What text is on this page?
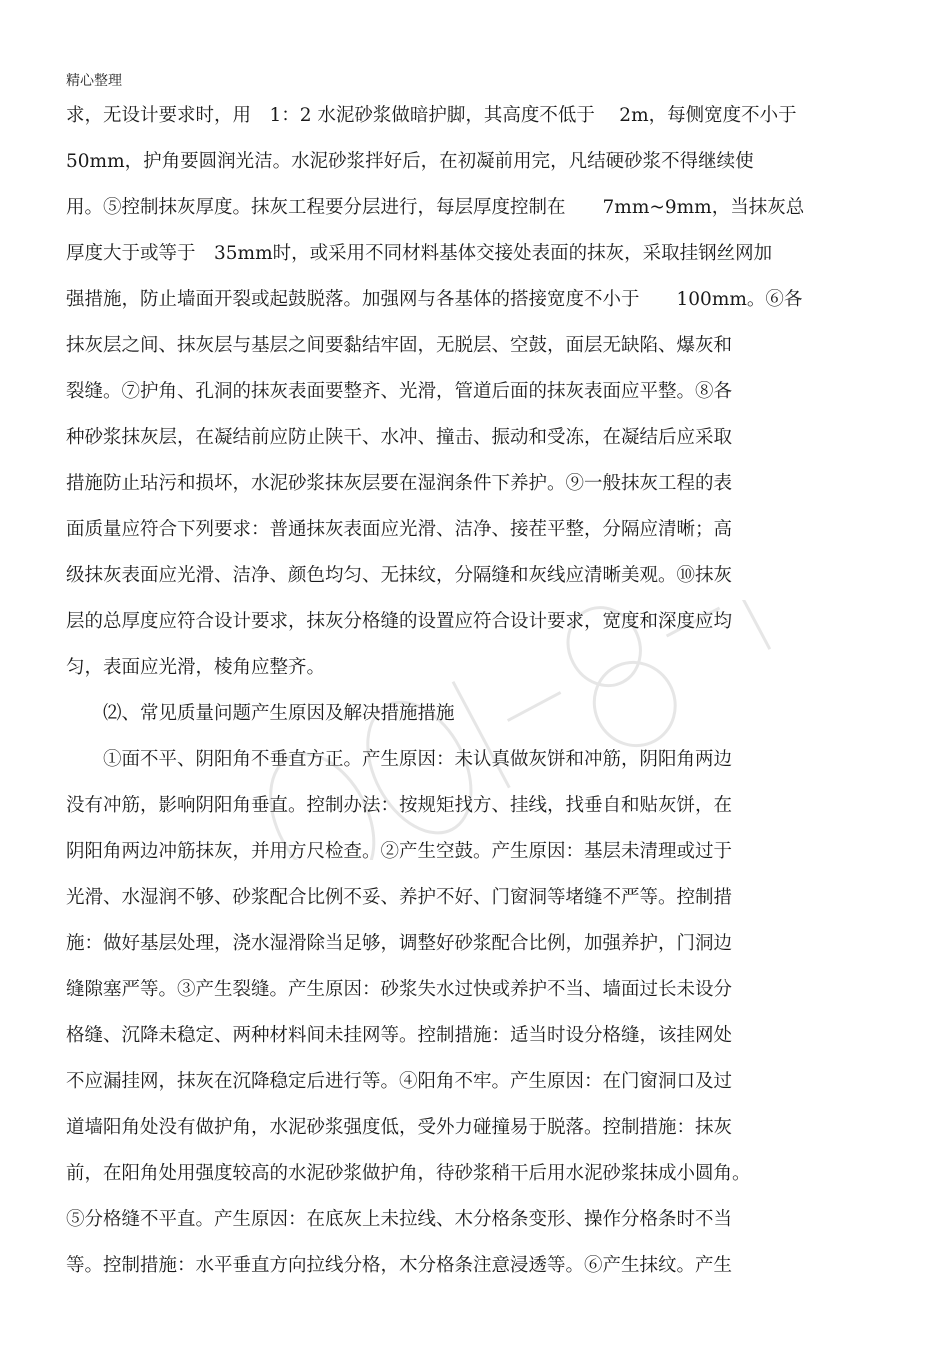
精心整理
求，无设计要求时，用　1：2 水泥砂浆做暗护脚，其高度不低于　 2m，每侧宽度不小于
50mm，护角要圆润光洁。水泥砂浆拌好后，在初凝前用完，凡结硬砂浆不得继续使
用。⑤控制抹灰厚度。抹灰工程要分层进行，每层厚度控制在　　7mm~9mm，当抹灰总
厚度大于或等于　35mm时，或采用不同材料基体交接处表面的抹灰，采取挂钢丝网加
强措施，防止墙面开裂或起鼓脱落。加强网与各基体的搭接宽度不小于　　100mm。⑥各
抹灰层之间、抹灰层与基层之间要黏结牢固，无脱层、空鼓，面层无缺陷、爆灰和
裂缝。⑦护角、孔洞的抹灰表面要整齐、光滑，管道后面的抹灰表面应平整。⑧各
种砂浆抹灰层，在凝结前应防止陕干、水冲、撞击、振动和受冻，在凝结后应采取
措施防止玷污和损坏，水泥砂浆抹灰层要在湿润条件下养护。⑨一般抹灰工程的表
面质量应符合下列要求：普通抹灰表面应光滑、洁净、接茬平整，分隔应清晰；高
级抹灰表面应光滑、洁净、颜色均匀、无抹纹，分隔缝和灰线应清晰美观。⑩抹灰
层的总厚度应符合设计要求，抹灰分格缝的设置应符合设计要求，宽度和深度应均
匀，表面应光滑，棱角应整齐。
　　⑵、常见质量问题产生原因及解决措施措施
　　①面不平、阴阳角不垂直方正。产生原因：未认真做灰饼和冲筋，阴阳角两边
没有冲筋，影响阴阳角垂直。控制办法：按规矩找方、挂线，找垂自和贴灰饼，在
阴阳角两边冲筋抹灰，并用方尺检查。②产生空鼓。产生原因：基层未清理或过于
光滑、水湿润不够、砂浆配合比例不妥、养护不好、门窗洞等堵缝不严等。控制措
施：做好基层处理，浇水湿滑除当足够，调整好砂浆配合比例，加强养护，门洞边
缝隙塞严等。③产生裂缝。产生原因：砂浆失水过快或养护不当、墙面过长未设分
格缝、沉降未稳定、两种材料间未挂网等。控制措施：适当时设分格缝，该挂网处
不应漏挂网，抹灰在沉降稳定后进行等。④阳角不牢。产生原因：在门窗洞口及过
道墙阳角处没有做护角，水泥砂浆强度低，受外力碰撞易于脱落。控制措施：抹灰
前，在阳角处用强度较高的水泥砂浆做护角，待砂浆稍干后用水泥砂浆抹成小圆角。
⑤分格缝不平直。产生原因：在底灰上未拉线、木分格条变形、操作分格条时不当
等。控制措施：水平垂直方向拉线分格，木分格条注意浸透等。⑥产生抹纹。产生
